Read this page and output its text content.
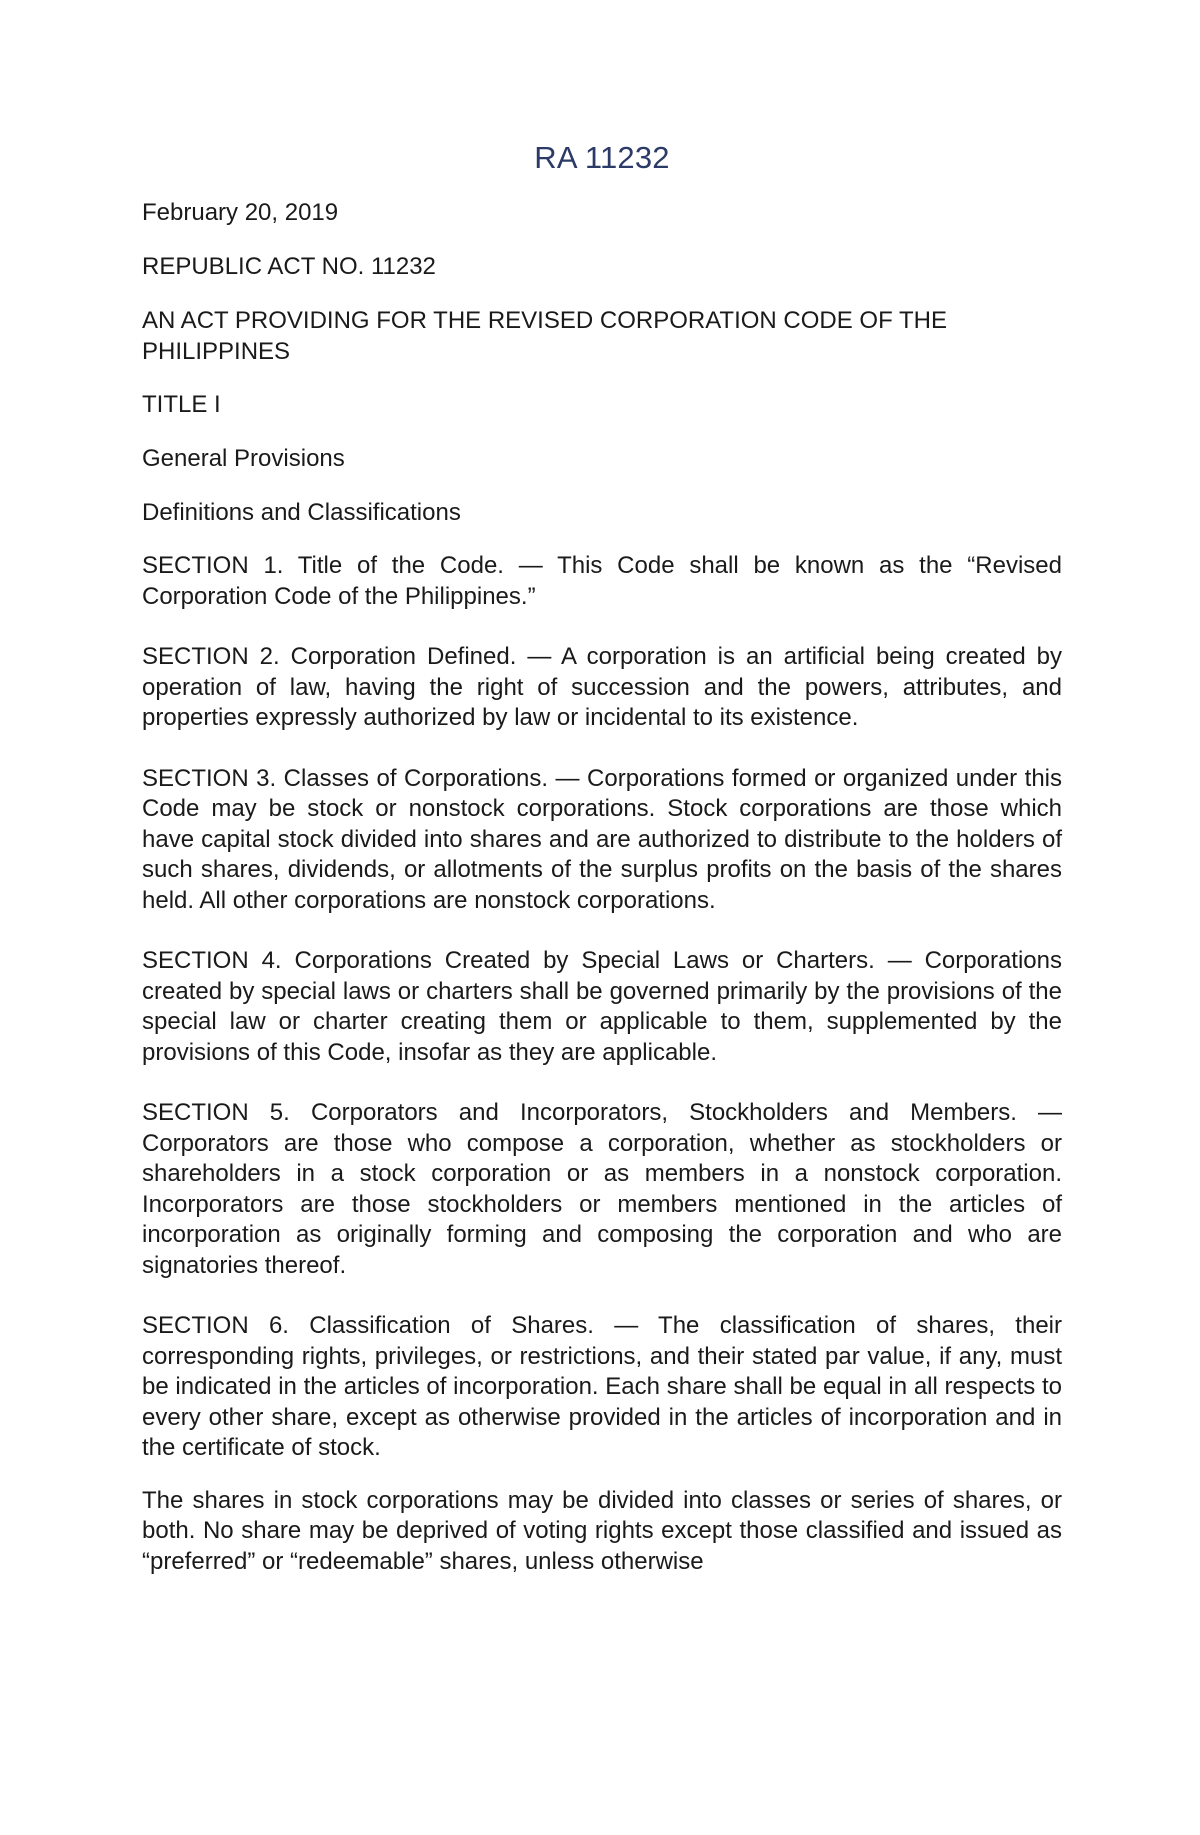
RA 11232
February 20, 2019
REPUBLIC ACT NO. 11232
AN ACT PROVIDING FOR THE REVISED CORPORATION CODE OF THE PHILIPPINES
TITLE I
General Provisions
Definitions and Classifications

SECTION 1. Title of the Code. — This Code shall be known as the “Revised Corporation Code of the Philippines.”

SECTION 2. Corporation Defined. — A corporation is an artificial being created by operation of law, having the right of succession and the powers, attributes, and properties expressly authorized by law or incidental to its existence.

SECTION 3. Classes of Corporations. — Corporations formed or organized under this Code may be stock or nonstock corporations. Stock corporations are those which have capital stock divided into shares and are authorized to distribute to the holders of such shares, dividends, or allotments of the surplus profits on the basis of the shares held. All other corporations are nonstock corporations.

SECTION 4. Corporations Created by Special Laws or Charters. — Corporations created by special laws or charters shall be governed primarily by the provisions of the special law or charter creating them or applicable to them, supplemented by the provisions of this Code, insofar as they are applicable.

SECTION 5. Corporators and Incorporators, Stockholders and Members. — Corporators are those who compose a corporation, whether as stockholders or shareholders in a stock corporation or as members in a nonstock corporation. Incorporators are those stockholders or members mentioned in the articles of incorporation as originally forming and composing the corporation and who are signatories thereof.

SECTION 6. Classification of Shares. — The classification of shares, their corresponding rights, privileges, or restrictions, and their stated par value, if any, must be indicated in the articles of incorporation. Each share shall be equal in all respects to every other share, except as otherwise provided in the articles of incorporation and in the certificate of stock.

The shares in stock corporations may be divided into classes or series of shares, or both. No share may be deprived of voting rights except those classified and issued as “preferred” or “redeemable” shares, unless otherwise
